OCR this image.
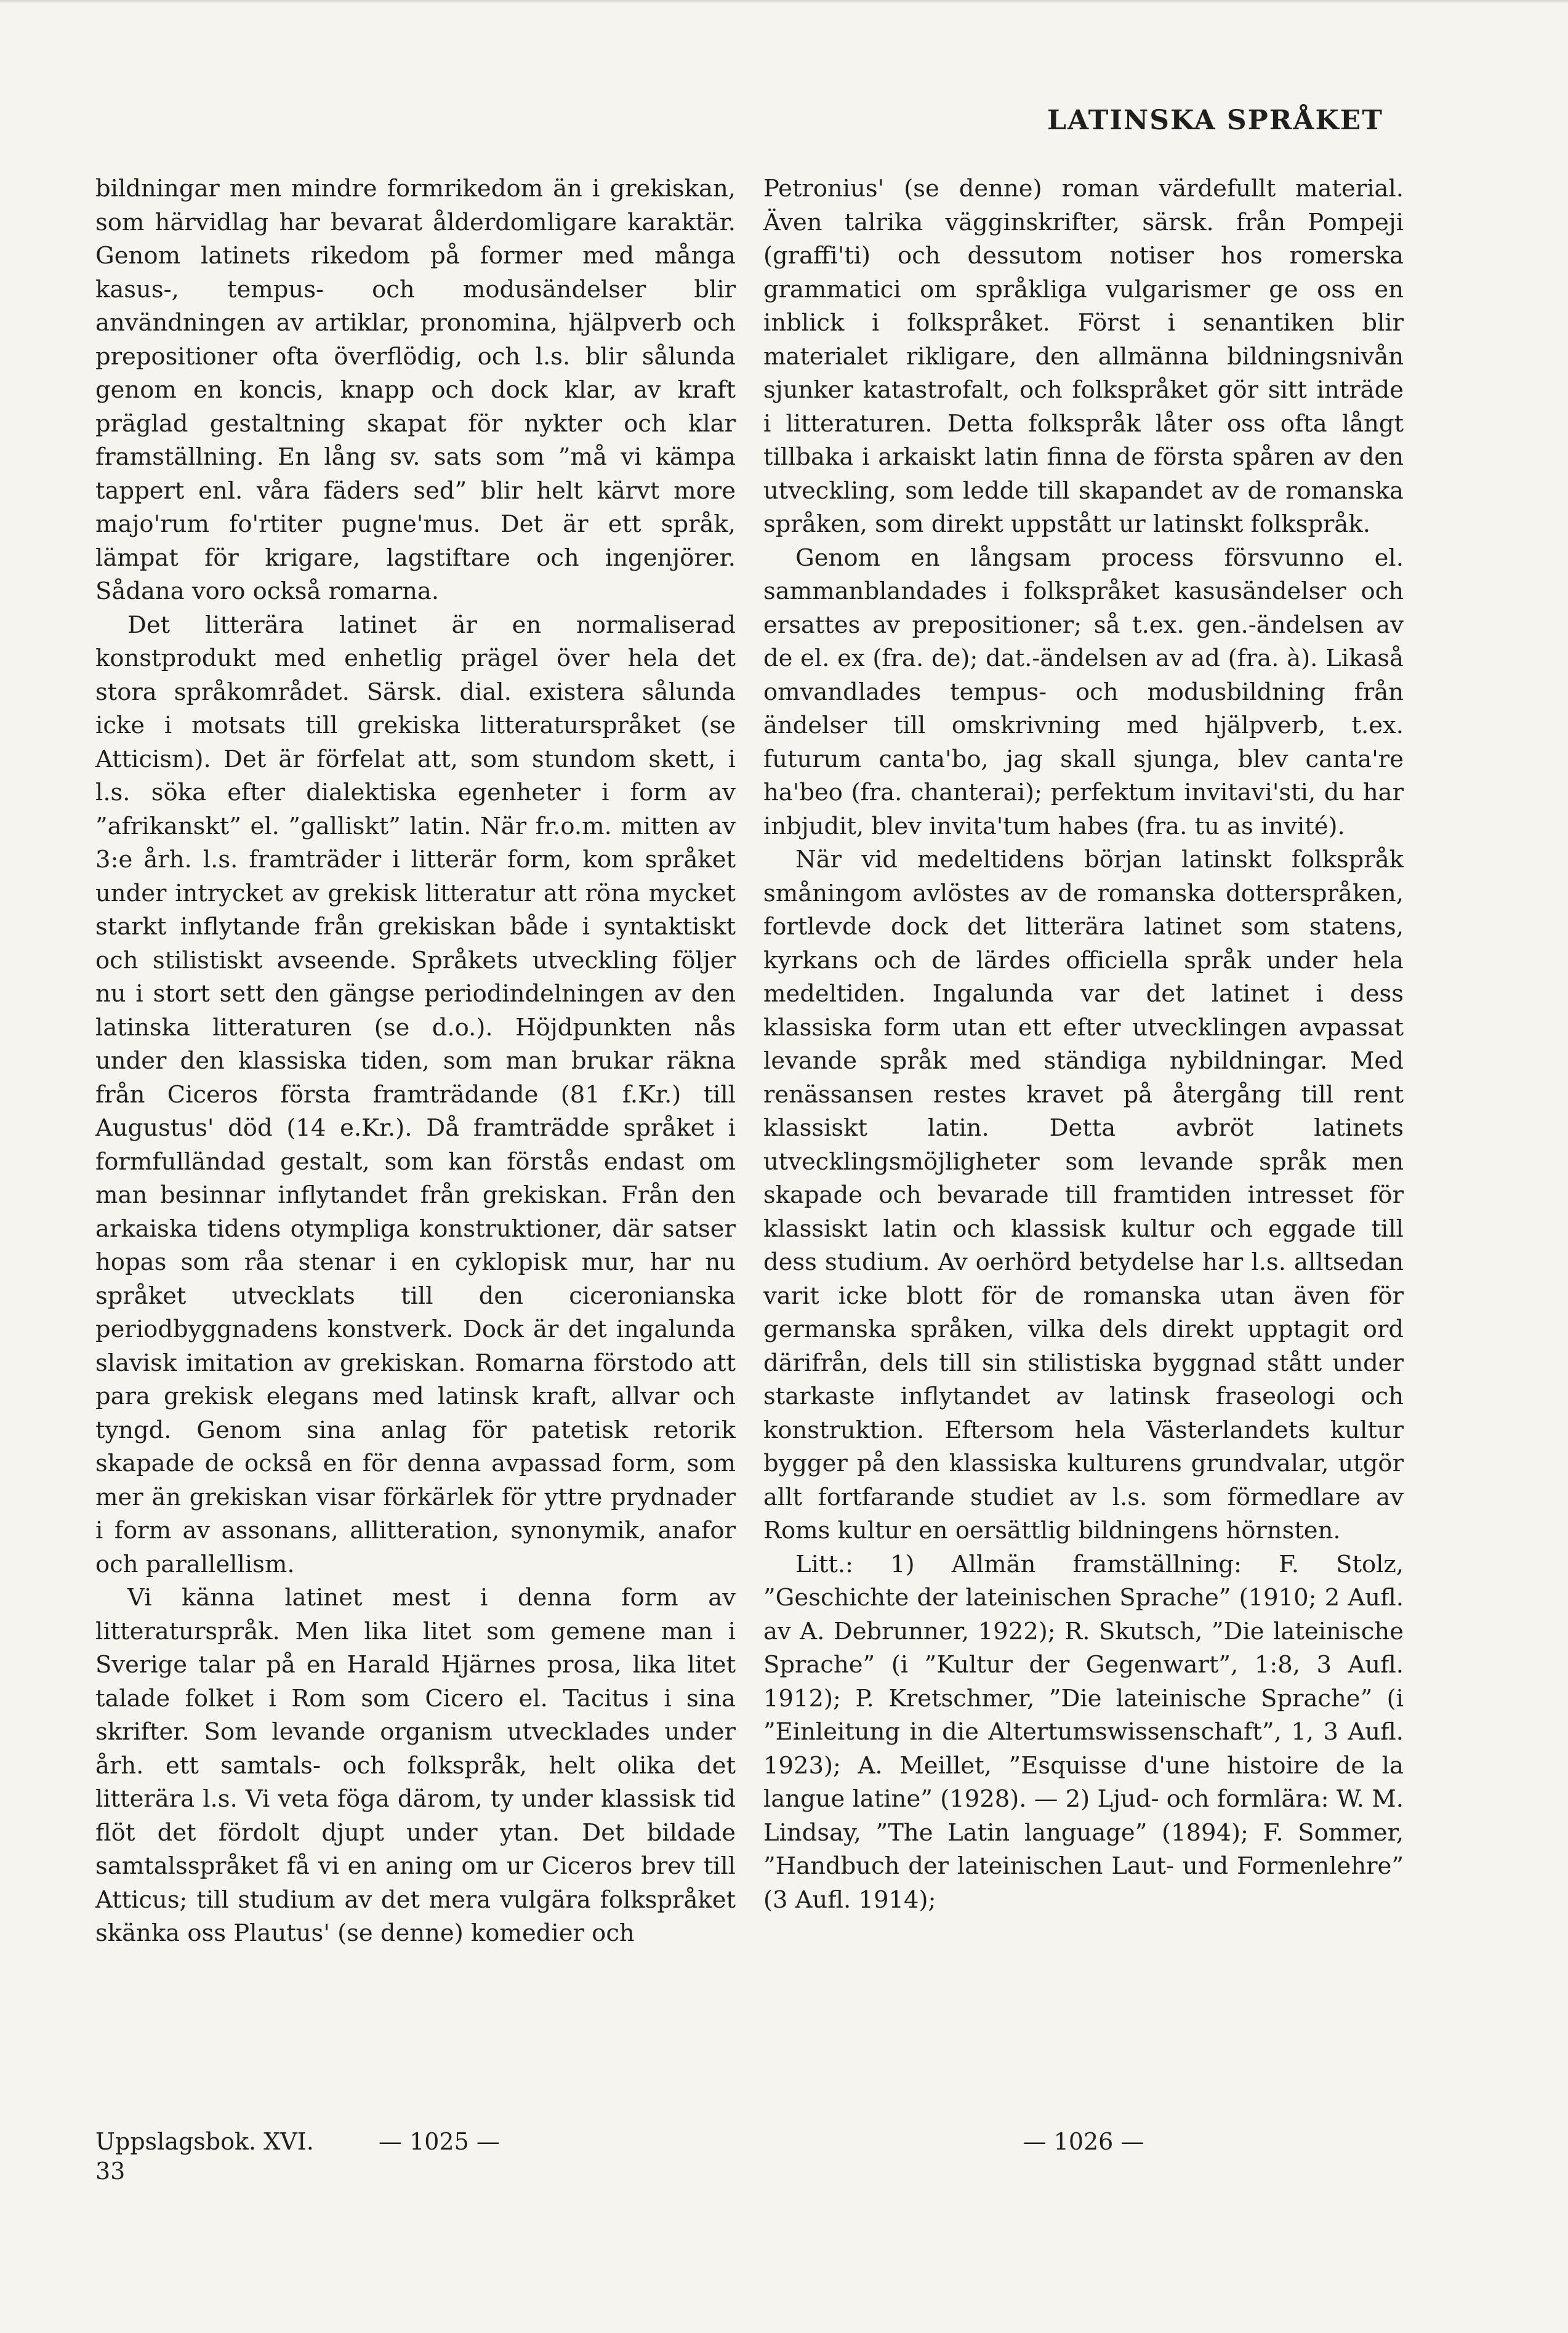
LATINSKA SPRÅKET

bildningar men mindre formrikedom än i grekiskan, som härvidlag har bevarat ålderdomligare karaktär. Genom latinets rikedom på former med många kasus-, tempus- och modusändelser blir användningen av artiklar, pronomina, hjälpverb och prepositioner ofta överflödig, och l.s. blir sålunda genom en koncis, knapp och dock klar, av kraft präglad gestaltning skapat för nykter och klar framställning. En lång sv. sats som ”må vi kämpa tappert enl. våra fäders sed” blir helt kärvt more majo'rum fo'rtiter pugne'mus. Det är ett språk, lämpat för krigare, lagstiftare och ingenjörer. Sådana voro också romarna.

Det litterära latinet är en normaliserad konstprodukt med enhetlig prägel över hela det stora språkområdet. Särsk. dial. existera sålunda icke i motsats till grekiska litteraturspråket (se Atticism). Det är förfelat att, som stundom skett, i l.s. söka efter dialektiska egenheter i form av ”afrikanskt” el. ”galliskt” latin. När fr.o.m. mitten av 3:e årh. l.s. framträder i litterär form, kom språket under intrycket av grekisk litteratur att röna mycket starkt inflytande från grekiskan både i syntaktiskt och stilistiskt avseende. Språkets utveckling följer nu i stort sett den gängse periodindelningen av den latinska litteraturen (se d.o.). Höjdpunkten nås under den klassiska tiden, som man brukar räkna från Ciceros första framträdande (81 f.Kr.) till Augustus' död (14 e.Kr.). Då framträdde språket i formfulländad gestalt, som kan förstås endast om man besinnar inflytandet från grekiskan. Från den arkaiska tidens otympliga konstruktioner, där satser hopas som råa stenar i en cyklopisk mur, har nu språket utvecklats till den ciceronianska periodbyggnadens konstverk. Dock är det ingalunda slavisk imitation av grekiskan. Romarna förstodo att para grekisk elegans med latinsk kraft, allvar och tyngd. Genom sina anlag för patetisk retorik skapade de också en för denna avpassad form, som mer än grekiskan visar förkärlek för yttre prydnader i form av assonans, allitteration, synonymik, anafor och parallellism.

Vi känna latinet mest i denna form av litteraturspråk. Men lika litet som gemene man i Sverige talar på en Harald Hjärnes prosa, lika litet talade folket i Rom som Cicero el. Tacitus i sina skrifter. Som levande organism utvecklades under årh. ett samtals- och folkspråk, helt olika det litterära l.s. Vi veta föga därom, ty under klassisk tid flöt det fördolt djupt under ytan. Det bildade samtalsspråket få vi en aning om ur Ciceros brev till Atticus; till studium av det mera vulgära folkspråket skänka oss Plautus' (se denne) komedier och

Petronius' (se denne) roman värdefullt material. Även talrika vägginskrifter, särsk. från Pompeji (graffi'ti) och dessutom notiser hos romerska grammatici om språkliga vulgarismer ge oss en inblick i folkspråket. Först i senantiken blir materialet rikligare, den allmänna bildningsnivån sjunker katastrofalt, och folkspråket gör sitt inträde i litteraturen. Detta folkspråk låter oss ofta långt tillbaka i arkaiskt latin finna de första spåren av den utveckling, som ledde till skapandet av de romanska språken, som direkt uppstått ur latinskt folkspråk.

Genom en långsam process försvunno el. sammanblandades i folkspråket kasusändelser och ersattes av prepositioner; så t.ex. gen.-ändelsen av de el. ex (fra. de); dat.-ändelsen av ad (fra. à). Likaså omvandlades tempus- och modusbildning från ändelser till omskrivning med hjälpverb, t.ex. futurum canta'bo, jag skall sjunga, blev canta're ha'beo (fra. chanterai); perfektum invitavi'sti, du har inbjudit, blev invita'tum habes (fra. tu as invité).

När vid medeltidens början latinskt folkspråk småningom avlöstes av de romanska dotterspråken, fortlevde dock det litterära latinet som statens, kyrkans och de lärdes officiella språk under hela medeltiden. Ingalunda var det latinet i dess klassiska form utan ett efter utvecklingen avpassat levande språk med ständiga nybildningar. Med renässansen restes kravet på återgång till rent klassiskt latin. Detta avbröt latinets utvecklingsmöjligheter som levande språk men skapade och bevarade till framtiden intresset för klassiskt latin och klassisk kultur och eggade till dess studium. Av oerhörd betydelse har l.s. alltsedan varit icke blott för de romanska utan även för germanska språken, vilka dels direkt upptagit ord därifrån, dels till sin stilistiska byggnad stått under starkaste inflytandet av latinsk fraseologi och konstruktion. Eftersom hela Västerlandets kultur bygger på den klassiska kulturens grundvalar, utgör allt fortfarande studiet av l.s. som förmedlare av Roms kultur en oersättlig bildningens hörnsten.

Litt.: 1) Allmän framställning: F. Stolz, ”Geschichte der lateinischen Sprache” (1910; 2 Aufl. av A. Debrunner, 1922); R. Skutsch, ”Die lateinische Sprache” (i ”Kultur der Gegenwart”, 1:8, 3 Aufl. 1912); P. Kretschmer, ”Die lateinische Sprache” (i ”Einleitung in die Altertumswissenschaft”, 1, 3 Aufl. 1923); A. Meillet, ”Esquisse d'une histoire de la langue latine” (1928). — 2) Ljud- och formlära: W. M. Lindsay, ”The Latin language” (1894); F. Sommer, ”Handbuch der lateinischen Laut- und Formenlehre” (3 Aufl. 1914);

Uppslagsbok. XVI.
33
— 1025 —	— 1026 —
